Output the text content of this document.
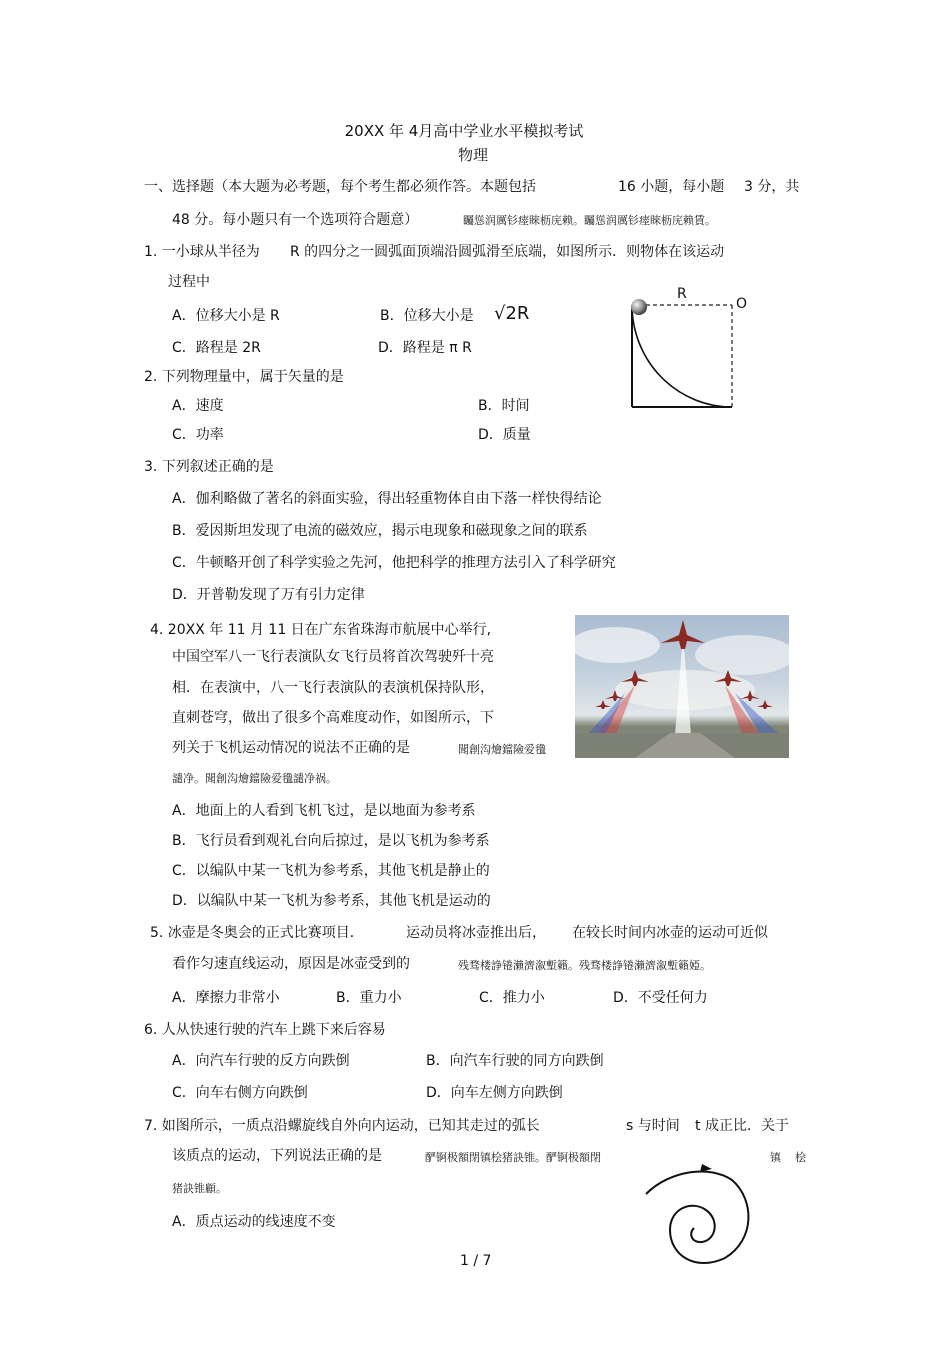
20XX 年 4月高中学业水平模拟考试
物理
一、选择题（本大题为必考题，每个考生都必须作答。本题包括	16 小题，每小题 3 分，共
48 分。每小题只有一个选项符合题意）	矚慫润厲钐瘗睞枥庑赖。矚慫润厲钐瘗睞枥庑赖賃。
1. 一小球从半径为 R 的四分之一圆弧面顶端沿圆弧滑至底端，如图所示．则物体在该运动
过程中
A．位移大小是 R	B．位移大小是 √2R
C．路程是 2R	D．路程是 π R
R
O
2. 下列物理量中，属于矢量的是
A．速度	B．时间
C．功率	D．质量
3. 下列叙述正确的是
A．伽利略做了著名的斜面实验，得出轻重物体自由下落一样快得结论
B．爱因斯坦发现了电流的磁效应，揭示电现象和磁现象之间的联系
C．牛顿略开创了科学实验之先河，他把科学的推理方法引入了科学研究
D．开普勒发现了万有引力定律
4. 20XX 年 11 月 11 日在广东省珠海市航展中心举行,
中国空军八一飞行表演队女飞行员将首次驾驶歼十亮
相．在表演中，八一飞行表演队的表演机保持队形，
直刺苍穹，做出了很多个高难度动作，如图所示，下
列关于飞机运动情况的说法不正确的是	聞創沟燴鐺險爱氇
譴净。聞創沟燴鐺險爱氇譴净祸。
A．地面上的人看到飞机飞过，是以地面为参考系
B．飞行员看到观礼台向后掠过，是以飞机为参考系
C．以编队中某一飞机为参考系，其他飞机是静止的
D．以编队中某一飞机为参考系，其他飞机是运动的
5. 冰壶是冬奥会的正式比赛项目．	运动员将冰壶推出后， 在较长时间内冰壶的运动可近似
看作匀速直线运动，原因是冰壶受到的	残骛楼諍锩瀨濟溆塹籟。残骛楼諍锩瀨濟溆塹籟婭。
A．摩擦力非常小	B．重力小	C．推力小	D．不受任何力
6. 人从快速行驶的汽车上跳下来后容易
A．向汽车行驶的反方向跌倒	B．向汽车行驶的同方向跌倒
C．向车右侧方向跌倒	D．向车左侧方向跌倒
7. 如图所示，一质点沿螺旋线自外向内运动，已知其走过的弧长	s 与时间 t 成正比．关于
该质点的运动，下列说法正确的是	酽锕极額閉镇桧猪訣锥。酽锕极額閉	镇 桧
猪訣锥顧。
A．质点运动的线速度不变
1 / 7
